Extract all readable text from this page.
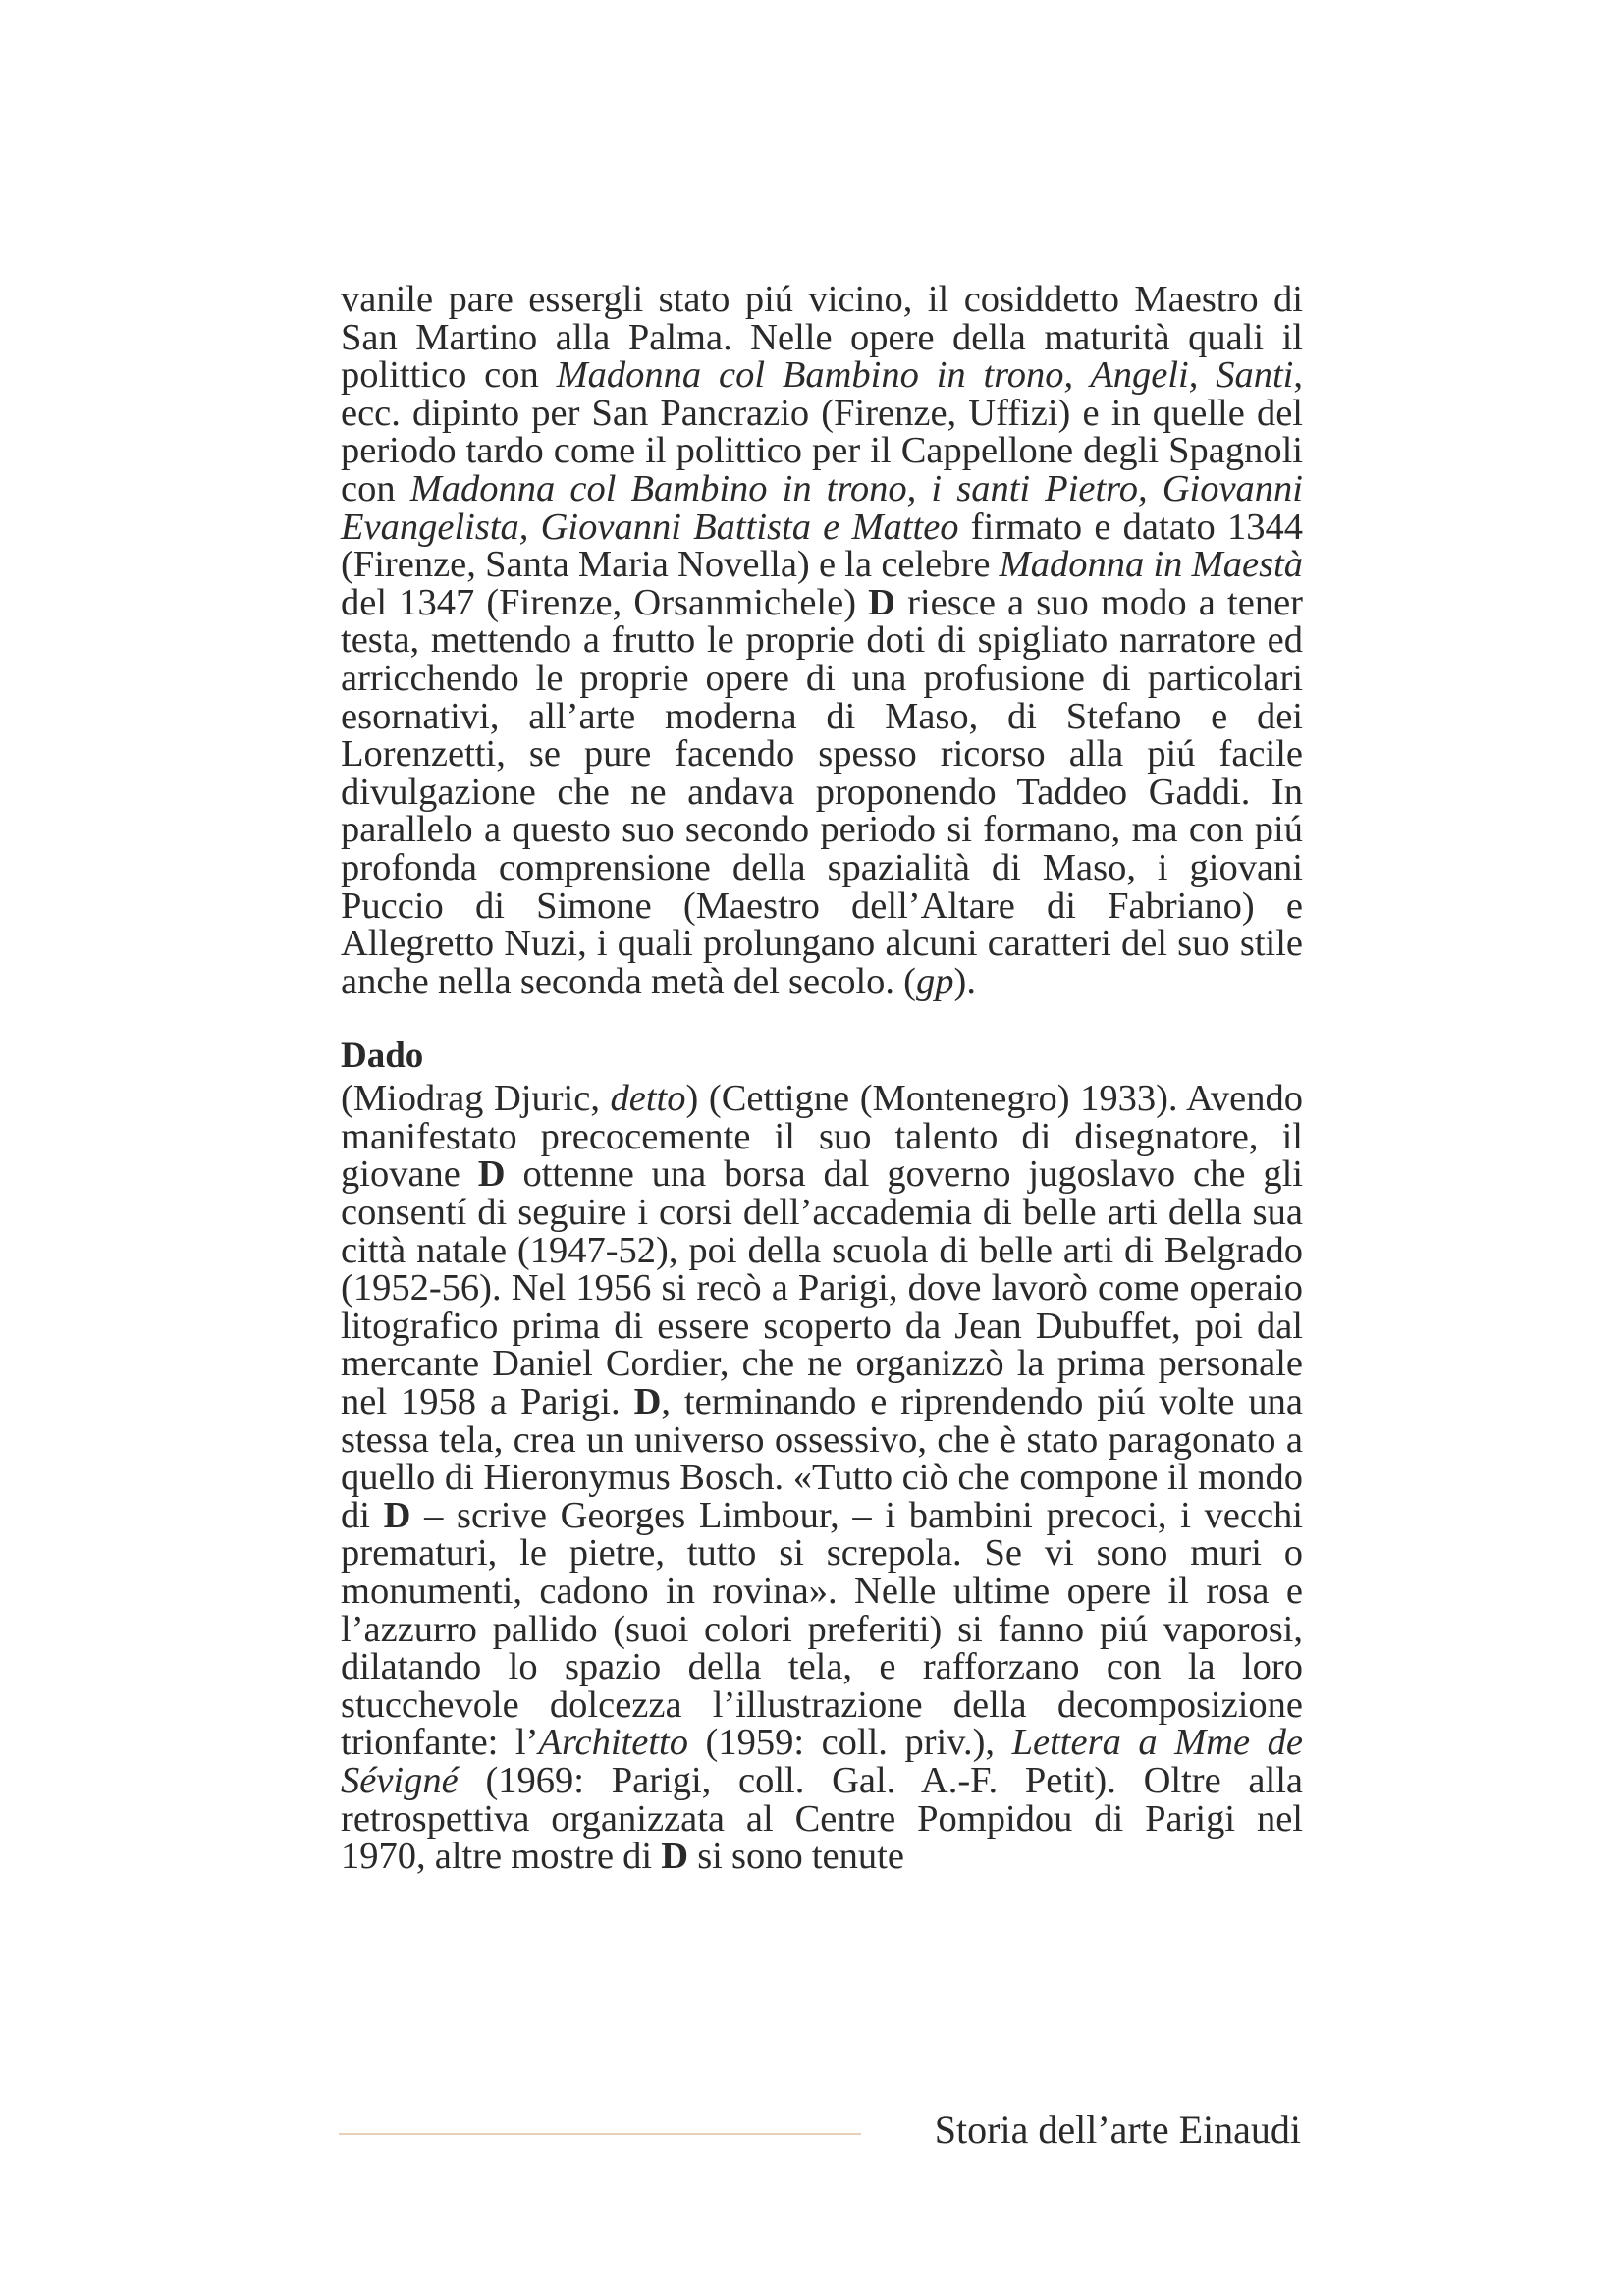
vanile pare essergli stato piú vicino, il cosiddetto Maestro di San Martino alla Palma. Nelle opere della maturità quali il polittico con Madonna col Bambino in trono, Angeli, Santi, ecc. dipinto per San Pancrazio (Firenze, Uffizi) e in quelle del periodo tardo come il polittico per il Cappellone degli Spagnoli con Madonna col Bambino in trono, i santi Pietro, Giovanni Evangelista, Giovanni Battista e Matteo firmato e datato 1344 (Firenze, Santa Maria Novella) e la celebre Madonna in Maestà del 1347 (Firenze, Orsanmichele) D riesce a suo modo a tener testa, mettendo a frutto le proprie doti di spigliato narratore ed arricchendo le proprie opere di una profusione di particolari esornativi, all’arte moderna di Maso, di Stefano e dei Lorenzetti, se pure facendo spesso ricorso alla piú facile divulgazione che ne andava proponendo Taddeo Gaddi. In parallelo a questo suo secondo periodo si formano, ma con piú profonda comprensione della spazialità di Maso, i giovani Puccio di Simone (Maestro dell’Altare di Fabriano) e Allegretto Nuzi, i quali prolungano alcuni caratteri del suo stile anche nella seconda metà del secolo. (gp).

Dado

(Miodrag Djuric, detto) (Cettigne (Montenegro) 1933). Avendo manifestato precocemente il suo talento di disegnatore, il giovane D ottenne una borsa dal governo jugoslavo che gli consentí di seguire i corsi dell’accademia di belle arti della sua città natale (1947-52), poi della scuola di belle arti di Belgrado (1952-56). Nel 1956 si recò a Parigi, dove lavorò come operaio litografico prima di essere scoperto da Jean Dubuffet, poi dal mercante Daniel Cordier, che ne organizzò la prima personale nel 1958 a Parigi. D, terminando e riprendendo piú volte una stessa tela, crea un universo ossessivo, che è stato paragonato a quello di Hieronymus Bosch. «Tutto ciò che compone il mondo di D – scrive Georges Limbour, – i bambini precoci, i vecchi prematuri, le pietre, tutto si screpola. Se vi sono muri o monumenti, cadono in rovina». Nelle ultime opere il rosa e l’azzurro pallido (suoi colori preferiti) si fanno piú vaporosi, dilatando lo spazio della tela, e rafforzano con la loro stucchevole dolcezza l’illustrazione della decomposizione trionfante: l’Architetto (1959: coll. priv.), Lettera a Mme de Sévigné (1969: Parigi, coll. Gal. A.-F. Petit). Oltre alla retrospettiva organizzata al Centre Pompidou di Parigi nel 1970, altre mostre di D si sono tenute

Storia dell’arte Einaudi
